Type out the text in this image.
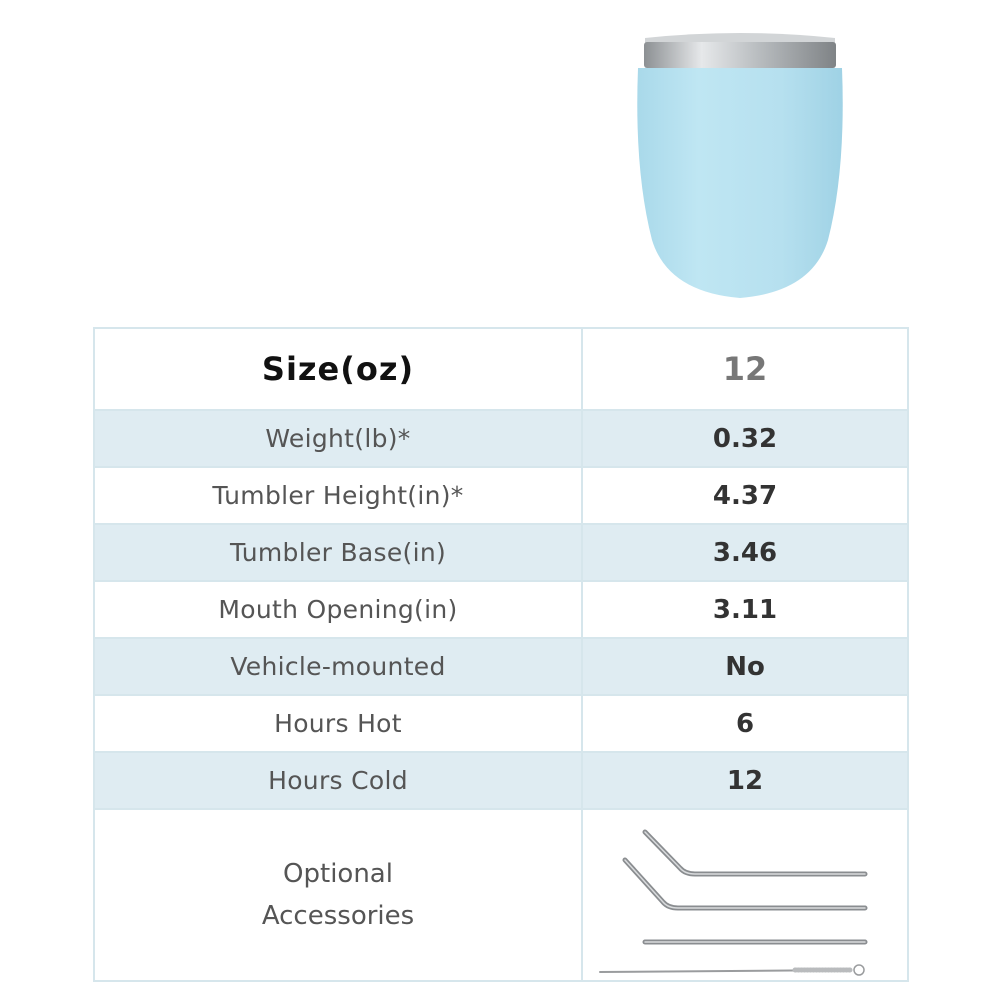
Size(oz)	12
Weight(lb)*	0.32
Tumbler Height(in)*	4.37
Tumbler Base(in)	3.46
Mouth Opening(in)	3.11
Vehicle-mounted	No
Hours Hot	6
Hours Cold	12

Optional
Accessories
